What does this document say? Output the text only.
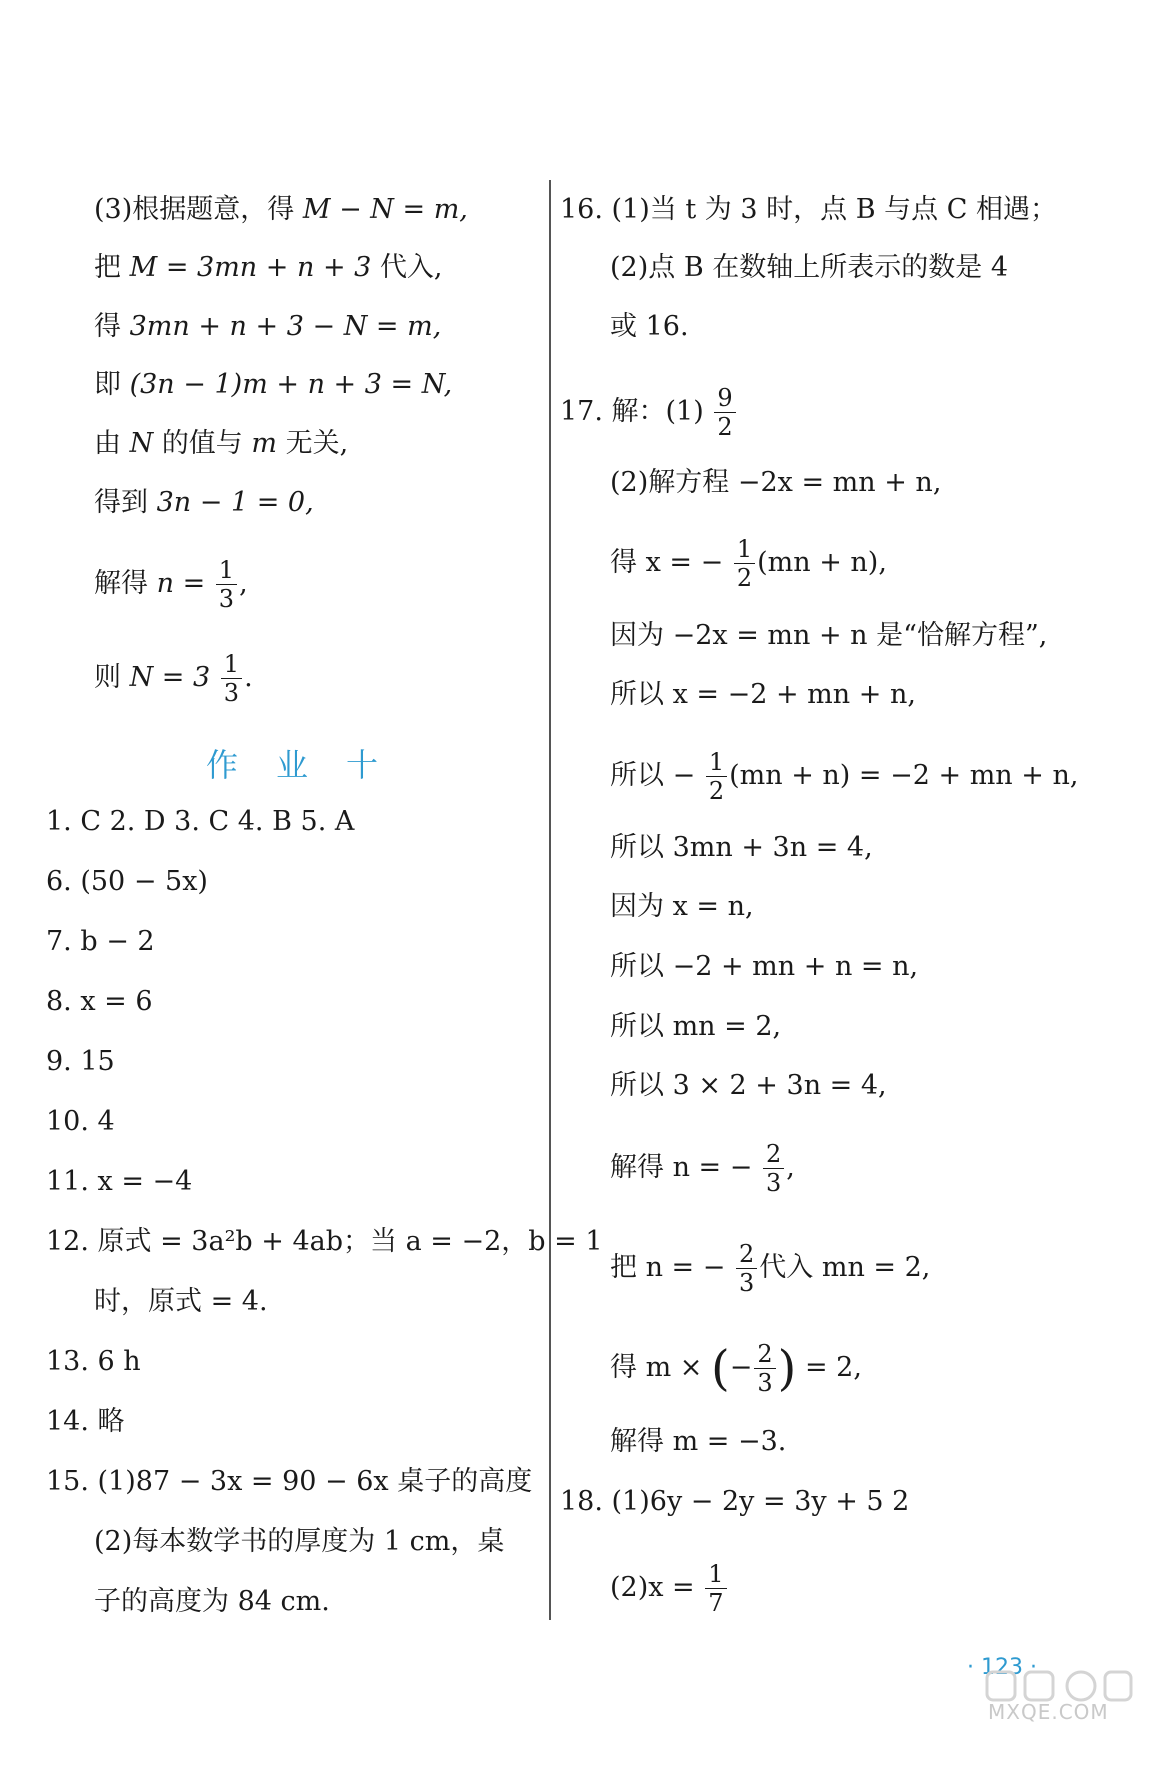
(3)根据题意，得 M − N = m,
把 M = 3mn + n + 3 代入,
得 3mn + n + 3 − N = m,
即 (3n − 1)m + n + 3 = N,
由 N 的值与 m 无关,
得到 3n − 1 = 0,
解得 $n = \frac{1}{3}$ ,
则 $N = 3 \frac{1}{3}$ .
作业十
1. C 2. D 3. C 4. B 5. A
6. (50 − 5x)
7. b − 2
8. x = 6
9. 15
10. 4
11. x = −4
12. 原式 = 3a²b + 4ab；当 a = −2，b = 1
时，原式 = 4.
13. 6 h
14. 略
15. (1)87 − 3x = 90 − 6x 桌子的高度
(2)每本数学书的厚度为 1 cm，桌
子的高度为 84 cm.
16. (1)当 t 为 3 时，点 B 与点 C 相遇；
(2)点 B 在数轴上所表示的数是 4
或 16.
17. 解：$(1) \frac{9}{2}$
(2)解方程 −2x = mn + n,
得 x = − $\frac{1}{2} (mn + n)$,
因为 −2x = mn + n 是“恰解方程”,
所以 x = −2 + mn + n,
所以 − $\frac{1}{2} (mn + n) = -2$ + mn + n,
所以 3mn + 3n = 4,
因为 x = n,
所以 −2 + mn + n = n,
所以 mn = 2,
所以 3 × 2 + 3n = 4,
解得 n = − $\frac{2}{3}$ ,
把 n = − $\frac{2}{3}$ 代入 mn = 2,
得 m × (− $\frac{2}{3}$ ) = 2,
解得 m = −3.
18. (1)6y − 2y = 3y + 5 2
$(2)x = \frac{1}{7}$
· 123 ·
MXQE.COM
